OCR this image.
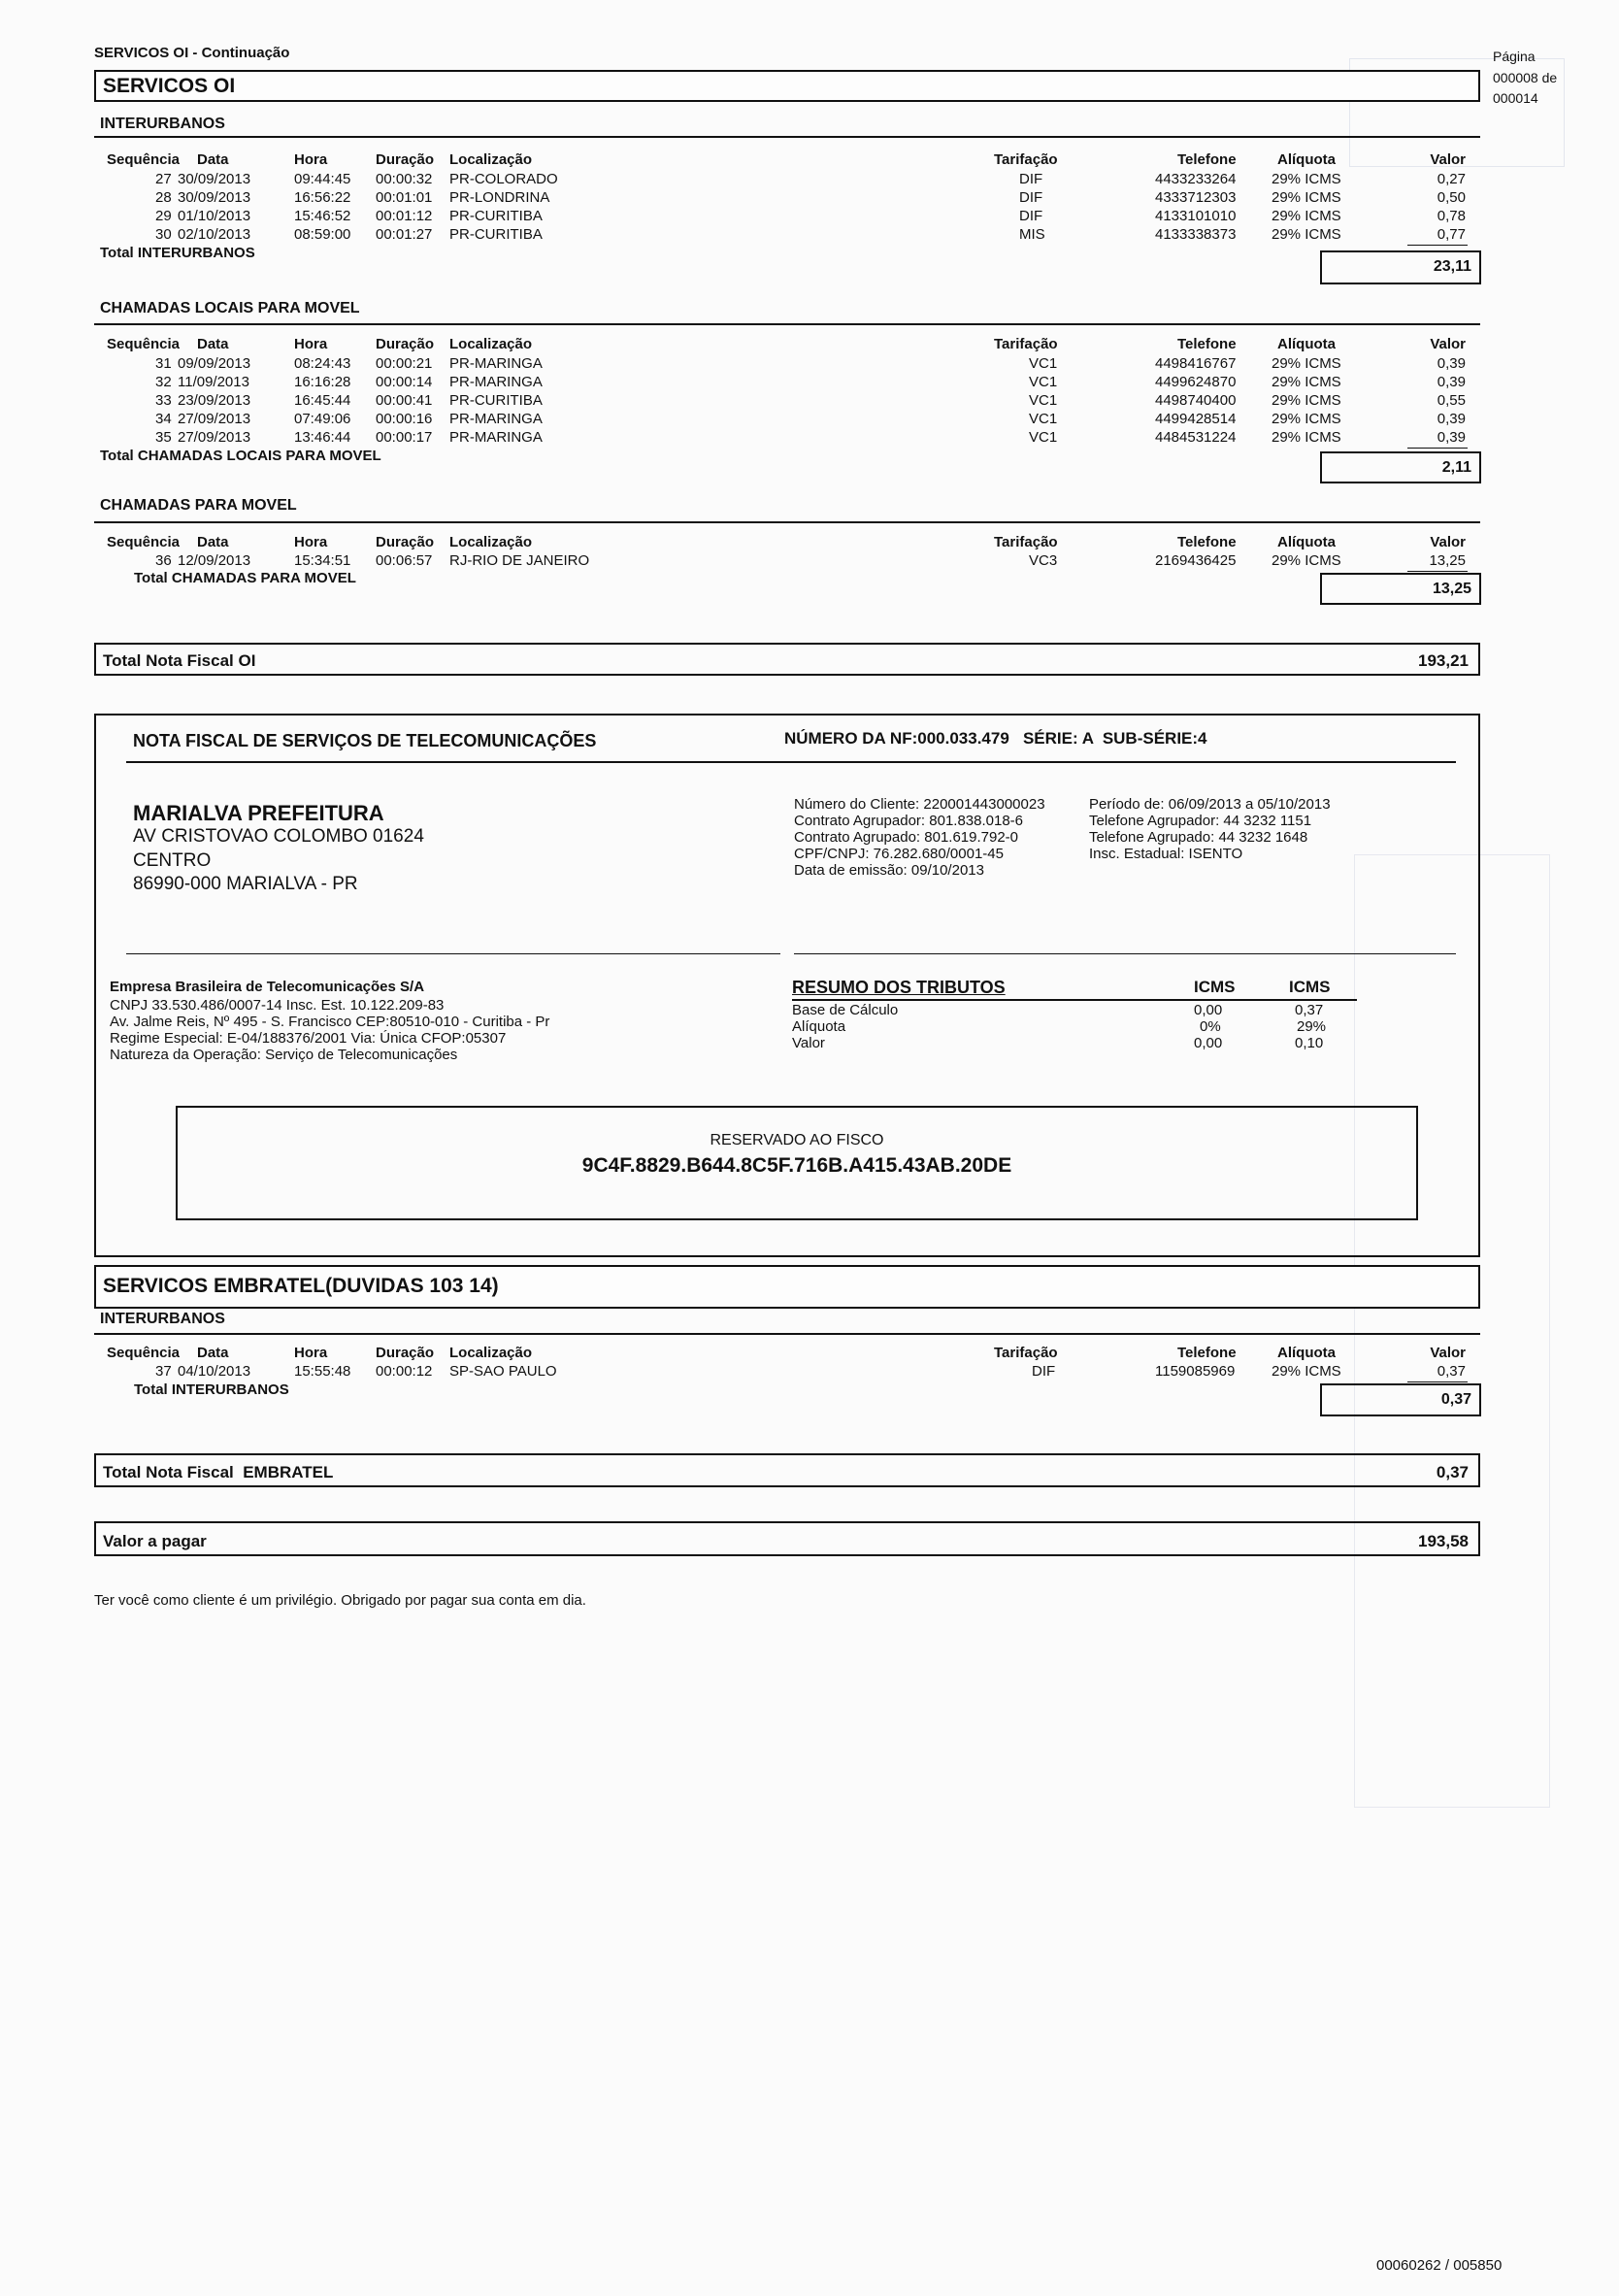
SERVICOS OI - Continuação	Página
000008 de
000014
SERVICOS OI
INTERURBANOS
Sequência Data	Hora	Duração Localização	Tarifação	Telefone	Alíquota	Valor
27 30/09/2013	09:44:45 00:00:32 PR-COLORADO	DIF	4433233264 29% ICMS	0,27
28 30/09/2013	16:56:22 00:01:01 PR-LONDRINA	DIF	4333712303 29% ICMS	0,50
29 01/10/2013	15:46:52 00:01:12 PR-CURITIBA	DIF	4133101010 29% ICMS	0,78
30 02/10/2013	08:59:00 00:01:27 PR-CURITIBA	MIS	4133338373 29% ICMS	0,77
Total INTERURBANOS
23,11
CHAMADAS LOCAIS PARA MOVEL
Sequência Data	Hora	Duração Localização	Tarifação	Telefone	Alíquota	Valor
31 09/09/2013	08:24:43 00:00:21 PR-MARINGA	VC1	4498416767 29% ICMS	0,39
32 11/09/2013	16:16:28 00:00:14 PR-MARINGA	VC1	4499624870 29% ICMS	0,39
33 23/09/2013	16:45:44 00:00:41 PR-CURITIBA	VC1	4498740400 29% ICMS	0,55
34 27/09/2013	07:49:06 00:00:16 PR-MARINGA	VC1	4499428514 29% ICMS	0,39
35 27/09/2013	13:46:44 00:00:17 PR-MARINGA	VC1	4484531224 29% ICMS	0,39
Total CHAMADAS LOCAIS PARA MOVEL
2,11
CHAMADAS PARA MOVEL
Sequência Data	Hora	Duração Localização	Tarifação	Telefone	Alíquota	Valor
36 12/09/2013	15:34:51 00:06:57 RJ-RIO DE JANEIRO	VC3	2169436425 29% ICMS	13,25
Total CHAMADAS PARA MOVEL
13,25
Total Nota Fiscal OI	193,21
NOTA FISCAL DE SERVIÇOS DE TELECOMUNICAÇÕES	NÚMERO DA NF:000.033.479   SÉRIE: A  SUB-SÉRIE:4
MARIALVA PREFEITURA
AV CRISTOVAO COLOMBO 01624
CENTRO
86990-000 MARIALVA - PR
Número do Cliente: 220001443000023
Contrato Agrupador: 801.838.018-6
Contrato Agrupado: 801.619.792-0
CPF/CNPJ: 76.282.680/0001-45
Data de emissão: 09/10/2013
Período de: 06/09/2013 a 05/10/2013
Telefone Agrupador: 44 3232 1151
Telefone Agrupado: 44 3232 1648
Insc. Estadual: ISENTO
Empresa Brasileira de Telecomunicações S/A
CNPJ 33.530.486/0007-14 Insc. Est. 10.122.209-83
Av. Jalme Reis, Nº 495 - S. Francisco CEP:80510-010 - Curitiba - Pr
Regime Especial: E-04/188376/2001 Via: Única CFOP:05307
Natureza da Operação: Serviço de Telecomunicações
RESUMO DOS TRIBUTOS	ICMS	ICMS
Base de Cálculo	0,00	0,37
Alíquota	0%	29%
Valor	0,00	0,10
RESERVADO AO FISCO
9C4F.8829.B644.8C5F.716B.A415.43AB.20DE
SERVICOS EMBRATEL(DUVIDAS 103 14)
INTERURBANOS
Sequência Data	Hora	Duração Localização	Tarifação	Telefone	Alíquota	Valor
37 04/10/2013	15:55:48 00:00:12 SP-SAO PAULO	DIF	1159085969	29% ICMS	0,37
Total INTERURBANOS
0,37
Total Nota Fiscal  EMBRATEL	0,37
Valor a pagar	193,58
Ter você como cliente é um privilégio. Obrigado por pagar sua conta em dia.
00060262 / 005850
